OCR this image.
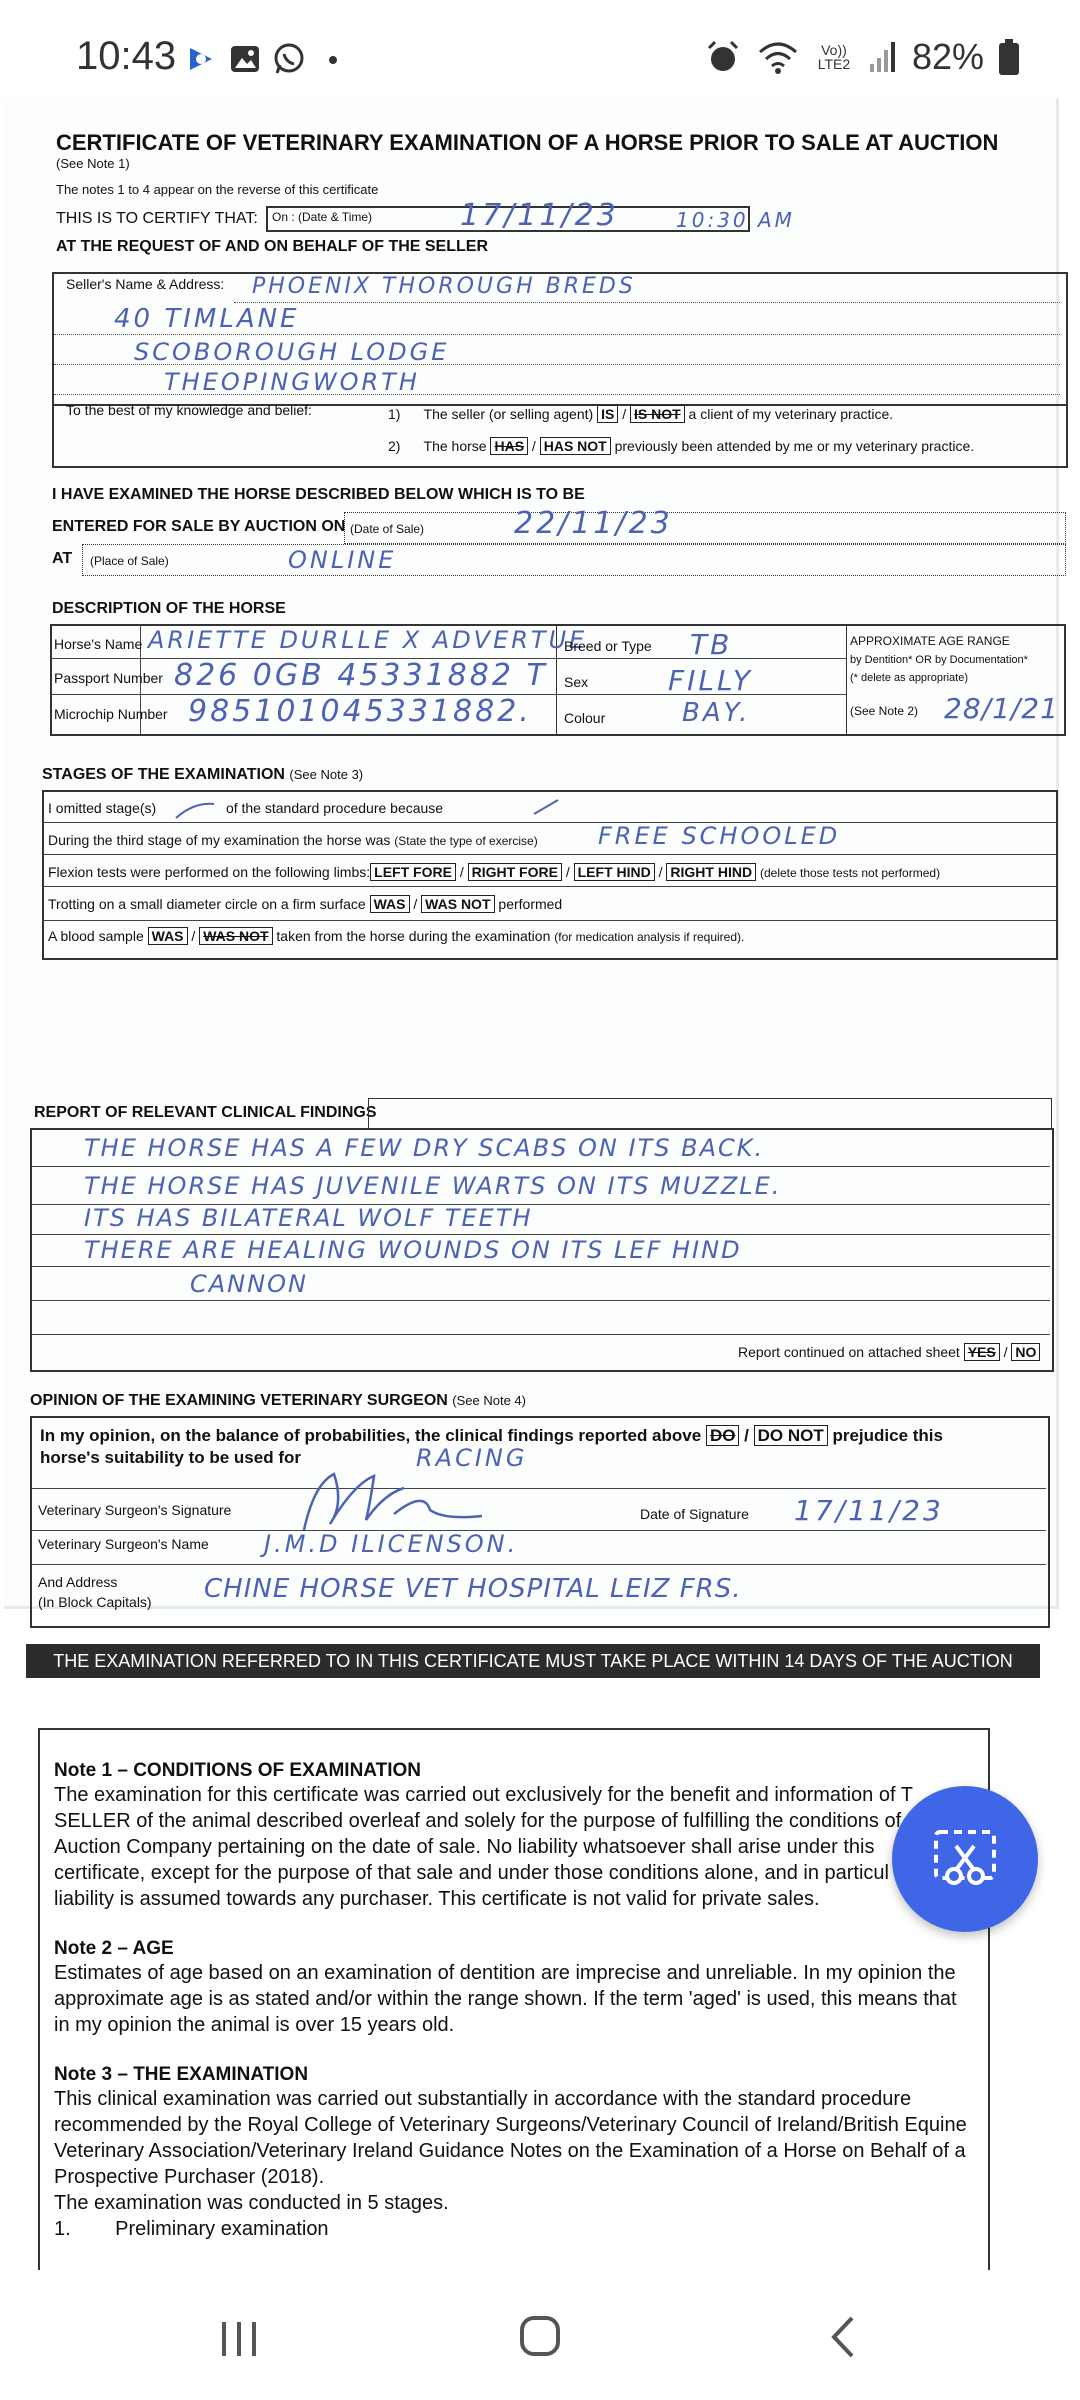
10:43	Vo))
LTE2 82%
CERTIFICATE OF VETERINARY EXAMINATION OF A HORSE PRIOR TO SALE AT AUCTION
(See Note 1)
The notes 1 to 4 appear on the reverse of this certificate
THIS IS TO CERTIFY THAT: On : (Date & Time)	17/11/23	10:30 AM
AT THE REQUEST OF AND ON BEHALF OF THE SELLER
Seller's Name & Address: PHOENIX THOROUGH BREDS
40 TIMLANE
SCOBOROUGH LODGE
THEOPINGWORTH
To the best of my knowledge and belief:	1) The seller (or selling agent) IS / IS NOT a client of my veterinary practice.
2) The horse HAS / HAS NOT previously been attended by me or my veterinary practice.
I HAVE EXAMINED THE HORSE DESCRIBED BELOW WHICH IS TO BE
ENTERED FOR SALE BY AUCTION ON (Date of Sale)	22/11/23
AT (Place of Sale)	ONLINE
DESCRIPTION OF THE HORSE
Horse's Name ARIETTE DURLLE X ADVERTUE
Passport Number 826 0GB 45331882 T
Microchip Number 985101045331882.
Breed or Type TB
Sex	FILLY
Colour	BAY.
APPROXIMATE AGE RANGE
by Dentition* OR by Documentation*
(* delete as appropriate)
(See Note 2) 28/1/21
STAGES OF THE EXAMINATION (See Note 3)
I omitted stage(s)	of the standard procedure because
During the third stage of my examination the horse was (State the type of exercise)	FREE SCHOOLED
Flexion tests were performed on the following limbs: LEFT FORE / RIGHT FORE / LEFT HIND / RIGHT HIND (delete those tests not performed)
Trotting on a small diameter circle on a firm surface WAS / WAS NOT performed
A blood sample WAS / WAS NOT taken from the horse during the examination (for medication analysis if required).
REPORT OF RELEVANT CLINICAL FINDINGS
THE HORSE HAS A FEW DRY SCABS ON ITS BACK.
THE HORSE HAS JUVENILE WARTS ON ITS MUZZLE.
ITS HAS BILATERAL WOLF TEETH
THERE ARE HEALING WOUNDS ON ITS LEF HIND
CANNON
Report continued on attached sheet YES / NO
OPINION OF THE EXAMINING VETERINARY SURGEON (See Note 4)
In my opinion, on the balance of probabilities, the clinical findings reported above DO / DO NOT prejudice this
horse's suitability to be used for	RACING
Veterinary Surgeon's Signature	Date of Signature 17/11/23
Veterinary Surgeon's Name J.M.D ILICENSON.
And Address
(In Block Capitals) CHINE HORSE VET HOSPITAL LEIZ FRS.
THE EXAMINATION REFERRED TO IN THIS CERTIFICATE MUST TAKE PLACE WITHIN 14 DAYS OF THE AUCTION
Note 1 – CONDITIONS OF EXAMINATION
The examination for this certificate was carried out exclusively for the benefit and information of T
SELLER of the animal described overleaf and solely for the purpose of fulfilling the conditions of
Auction Company pertaining on the date of sale. No liability whatsoever shall arise under this
certificate, except for the purpose of that sale and under those conditions alone, and in particul
liability is assumed towards any purchaser. This certificate is not valid for private sales.
Note 2 – AGE
Estimates of age based on an examination of dentition are imprecise and unreliable. In my opinion the
approximate age is as stated and/or within the range shown. If the term 'aged' is used, this means that
in my opinion the animal is over 15 years old.
Note 3 – THE EXAMINATION
This clinical examination was carried out substantially in accordance with the standard procedure
recommended by the Royal College of Veterinary Surgeons/Veterinary Council of Ireland/British Equine
Veterinary Association/Veterinary Ireland Guidance Notes on the Examination of a Horse on Behalf of a
Prospective Purchaser (2018).
The examination was conducted in 5 stages.
1. Preliminary examination
